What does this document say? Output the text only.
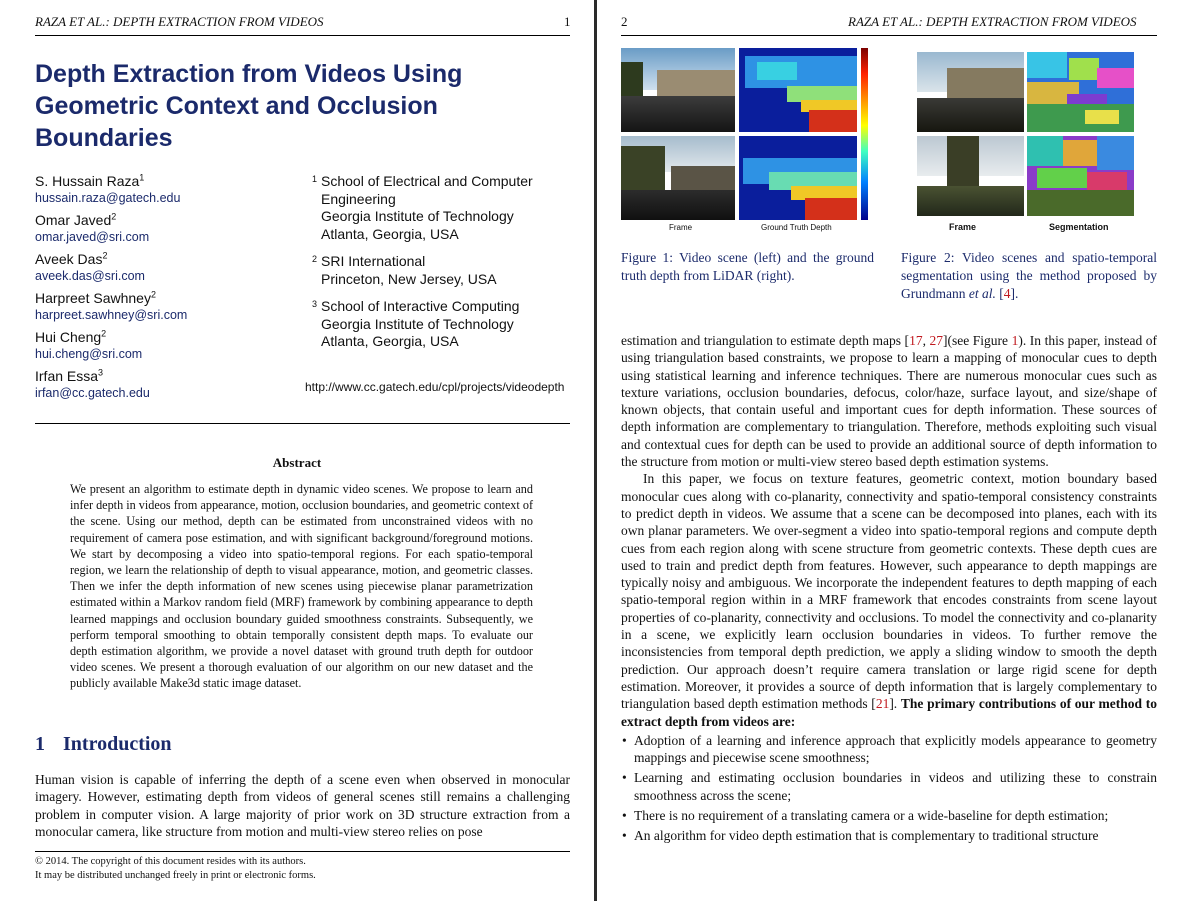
RAZA ET AL.: DEPTH EXTRACTION FROM VIDEOS	1
Depth Extraction from Videos Using Geometric Context and Occlusion Boundaries
S. Hussain Raza$^1$
hussain.raza@gatech.edu
Omar Javed$^2$
omar.javed@sri.com
Aveek Das$^2$
aveek.das@sri.com
Harpreet Sawhney$^2$
harpreet.sawhney@sri.com
Hui Cheng$^2$
hui.cheng@sri.com
Irfan Essa$^3$
irfan@cc.gatech.edu
1 School of Electrical and Computer
Engineering
Georgia Institute of Technology
Atlanta, Georgia, USA
2 SRI International
Princeton, New Jersey, USA
3 School of Interactive Computing
Georgia Institute of Technology
Atlanta, Georgia, USA
http://www.cc.gatech.edu/cpl/projects/videodepth
Abstract
We present an algorithm to estimate depth in dynamic video scenes. We propose to learn and infer depth in videos from appearance, motion, occlusion boundaries, and geometric context of the scene. Using our method, depth can be estimated from unconstrained videos with no requirement of camera pose estimation, and with significant background/foreground motions. We start by decomposing a video into spatio-temporal regions. For each spatio-temporal region, we learn the relationship of depth to visual appearance, motion, and geometric classes. Then we infer the depth information of new scenes using piecewise planar parametrization estimated within a Markov random field (MRF) framework by combining appearance to depth learned mappings and occlusion boundary guided smoothness constraints. Subsequently, we perform temporal smoothing to obtain temporally consistent depth maps. To evaluate our depth estimation algorithm, we provide a novel dataset with ground truth depth for outdoor video scenes. We present a thorough evaluation of our algorithm on our new dataset and the publicly available Make3d static image dataset.
1 Introduction
Human vision is capable of inferring the depth of a scene even when observed in monocular imagery. However, estimating depth from videos of general scenes still remains a challenging problem in computer vision. A large majority of prior work on 3D structure extraction from a monocular camera, like structure from motion and multi-view stereo relies on pose
© 2014. The copyright of this document resides with its authors.
It may be distributed unchanged freely in print or electronic forms.
2	RAZA ET AL.: DEPTH EXTRACTION FROM VIDEOS
Frame	Ground Truth Depth
Figure 1: Video scene (left) and the ground truth depth from LiDAR (right).
Frame	Segmentation
Figure 2: Video scenes and spatio-temporal segmentation using the method proposed by Grundmann et al. [4].

estimation and triangulation to estimate depth maps [17, 27](see Figure 1). In this paper, instead of using triangulation based constraints, we propose to learn a mapping of monocular cues to depth using statistical learning and inference techniques. There are numerous monocular cues such as texture variations, occlusion boundaries, defocus, color/haze, surface layout, and size/shape of known objects, that contain useful and important cues for depth information. These sources of depth information are complementary to triangulation. Therefore, methods exploiting such visual and contextual cues for depth can be used to provide an additional source of depth information to the structure from motion or multi-view stereo based depth estimation systems.

In this paper, we focus on texture features, geometric context, motion boundary based monocular cues along with co-planarity, connectivity and spatio-temporal consistency constraints to predict depth in videos. We assume that a scene can be decomposed into planes, each with its own planar parameters. We over-segment a video into spatio-temporal regions and compute depth cues from each region along with scene structure from geometric contexts. These depth cues are used to train and predict depth from features. However, such appearance to depth mappings are typically noisy and ambiguous. We incorporate the independent features to depth mapping of each spatio-temporal region within in a MRF framework that encodes constraints from scene layout properties of co-planarity, connectivity and occlusions. To model the connectivity and co-planarity in a scene, we explicitly learn occlusion boundaries in videos. To further remove the inconsistencies from temporal depth prediction, we apply a sliding window to smooth the depth prediction. Our approach doesn’t require camera translation or large rigid scene for depth estimation. Moreover, it provides a source of depth information that is largely complementary to triangulation based depth estimation methods [21]. The primary contributions of our method to extract depth from videos are:

• Adoption of a learning and inference approach that explicitly models appearance to geometry mappings and piecewise scene smoothness;
• Learning and estimating occlusion boundaries in videos and utilizing these to constrain smoothness across the scene;
• There is no requirement of a translating camera or a wide-baseline for depth estimation;
• An algorithm for video depth estimation that is complementary to traditional structure
